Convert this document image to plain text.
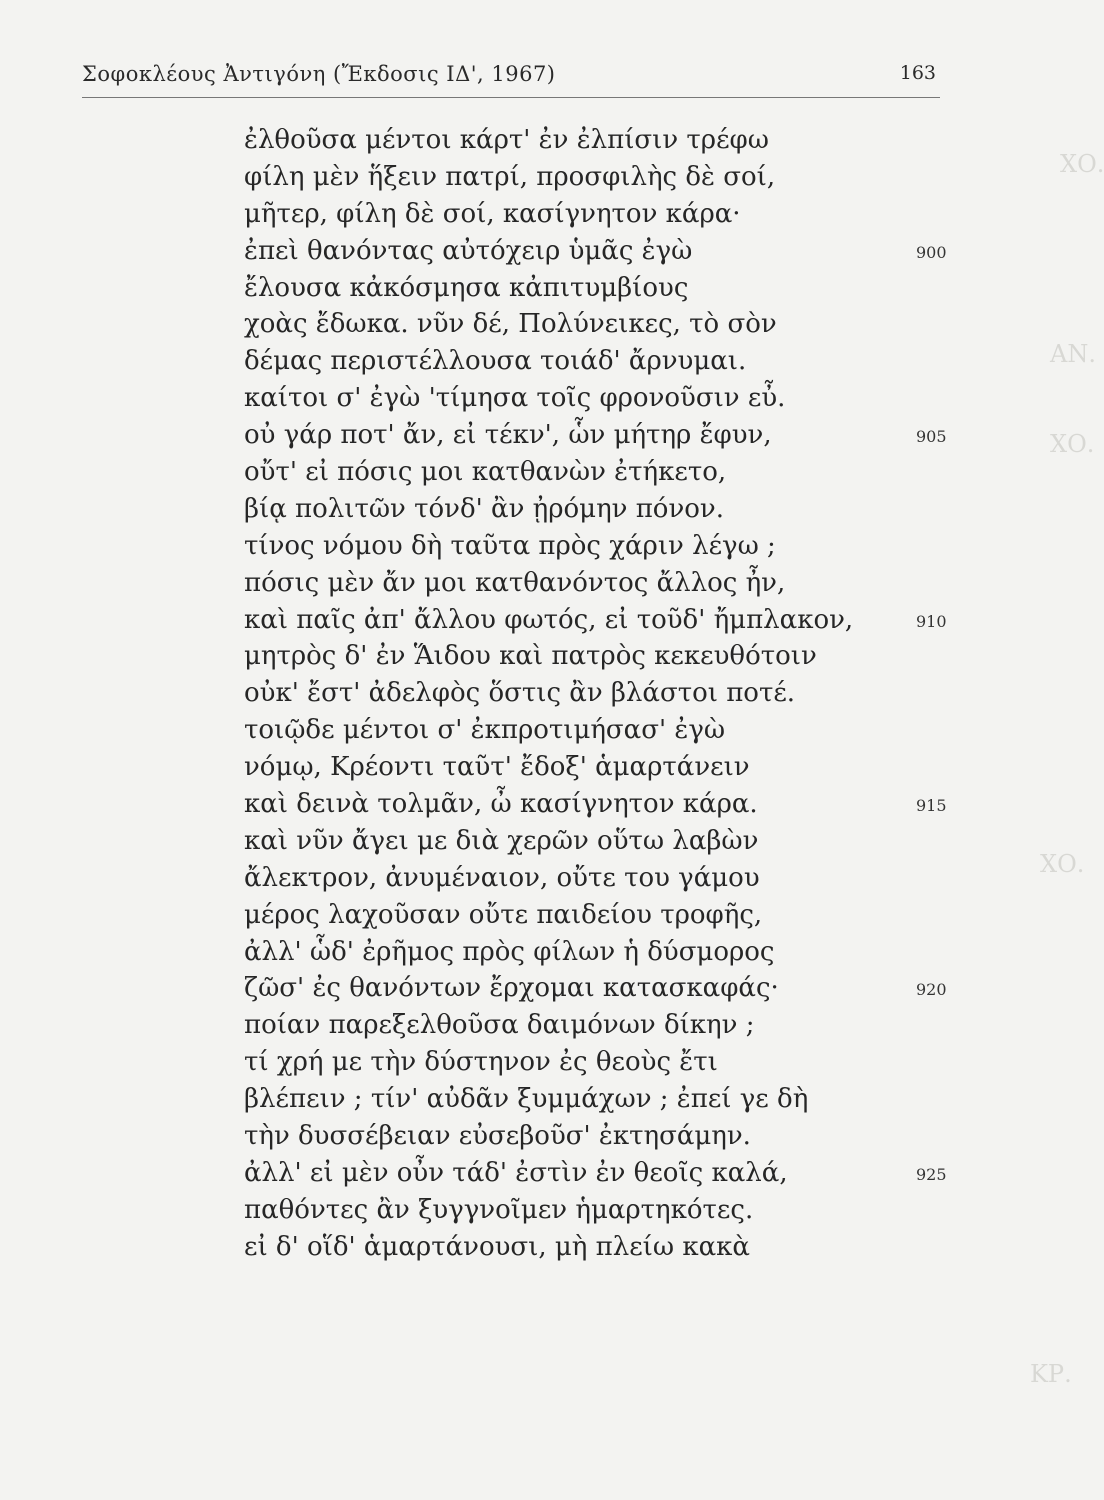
Σοφοκλέους Ἀντιγόνη (Ἔκδοσις ΙΔ', 1967)	163
ΧΟ.
ΑΝ.
ΧΟ.
ΧΟ.
ΚΡ.
ἐλθοῦσα μέντοι κάρτ' ἐν ἐλπίσιν τρέφω
φίλη μὲν ἥξειν πατρί, προσφιλὴς δὲ σοί,
μῆτερ, φίλη δὲ σοί, κασίγνητον κάρα·
ἐπεὶ θανόντας αὐτόχειρ ὑμᾶς ἐγὼ	900
ἔλουσα κἀκόσμησα κἀπιτυμβίους
χοὰς ἔδωκα. νῦν δέ, Πολύνεικες, τὸ σὸν
δέμας περιστέλλουσα τοιάδ' ἄρνυμαι.
καίτοι σ' ἐγὼ 'τίμησα τοῖς φρονοῦσιν εὖ.
οὐ γάρ ποτ' ἄν, εἰ τέκν', ὧν μήτηρ ἔφυν,	905
οὔτ' εἰ πόσις μοι κατθανὼν ἐτήκετο,
βίᾳ πολιτῶν τόνδ' ἂν ᾐρόμην πόνον.
τίνος νόμου δὴ ταῦτα πρὸς χάριν λέγω ;
πόσις μὲν ἄν μοι κατθανόντος ἄλλος ἦν,
καὶ παῖς ἀπ' ἄλλου φωτός, εἰ τοῦδ' ἤμπλακον,	910
μητρὸς δ' ἐν Ἅιδου καὶ πατρὸς κεκευθότοιν
οὐκ' ἔστ' ἀδελφὸς ὅστις ἂν βλάστοι ποτέ.
τοιῷδε μέντοι σ' ἐκπροτιμήσασ' ἐγὼ
νόμῳ, Κρέοντι ταῦτ' ἔδοξ' ἁμαρτάνειν
καὶ δεινὰ τολμᾶν, ὦ κασίγνητον κάρα.	915
καὶ νῦν ἄγει με διὰ χερῶν οὕτω λαβὼν
ἄλεκτρον, ἀνυμέναιον, οὔτε του γάμου
μέρος λαχοῦσαν οὔτε παιδείου τροφῆς,
ἀλλ' ὧδ' ἐρῆμος πρὸς φίλων ἡ δύσμορος
ζῶσ' ἐς θανόντων ἔρχομαι κατασκαφάς·	920
ποίαν παρεξελθοῦσα δαιμόνων δίκην ;
τί χρή με τὴν δύστηνον ἐς θεοὺς ἔτι
βλέπειν ; τίν' αὐδᾶν ξυμμάχων ; ἐπεί γε δὴ
τὴν δυσσέβειαν εὐσεβοῦσ' ἐκτησάμην.
ἀλλ' εἰ μὲν οὖν τάδ' ἐστὶν ἐν θεοῖς καλά,	925
παθόντες ἂν ξυγγνοῖμεν ἡμαρτηκότες.
εἰ δ' οἵδ' ἁμαρτάνουσι, μὴ πλείω κακὰ
